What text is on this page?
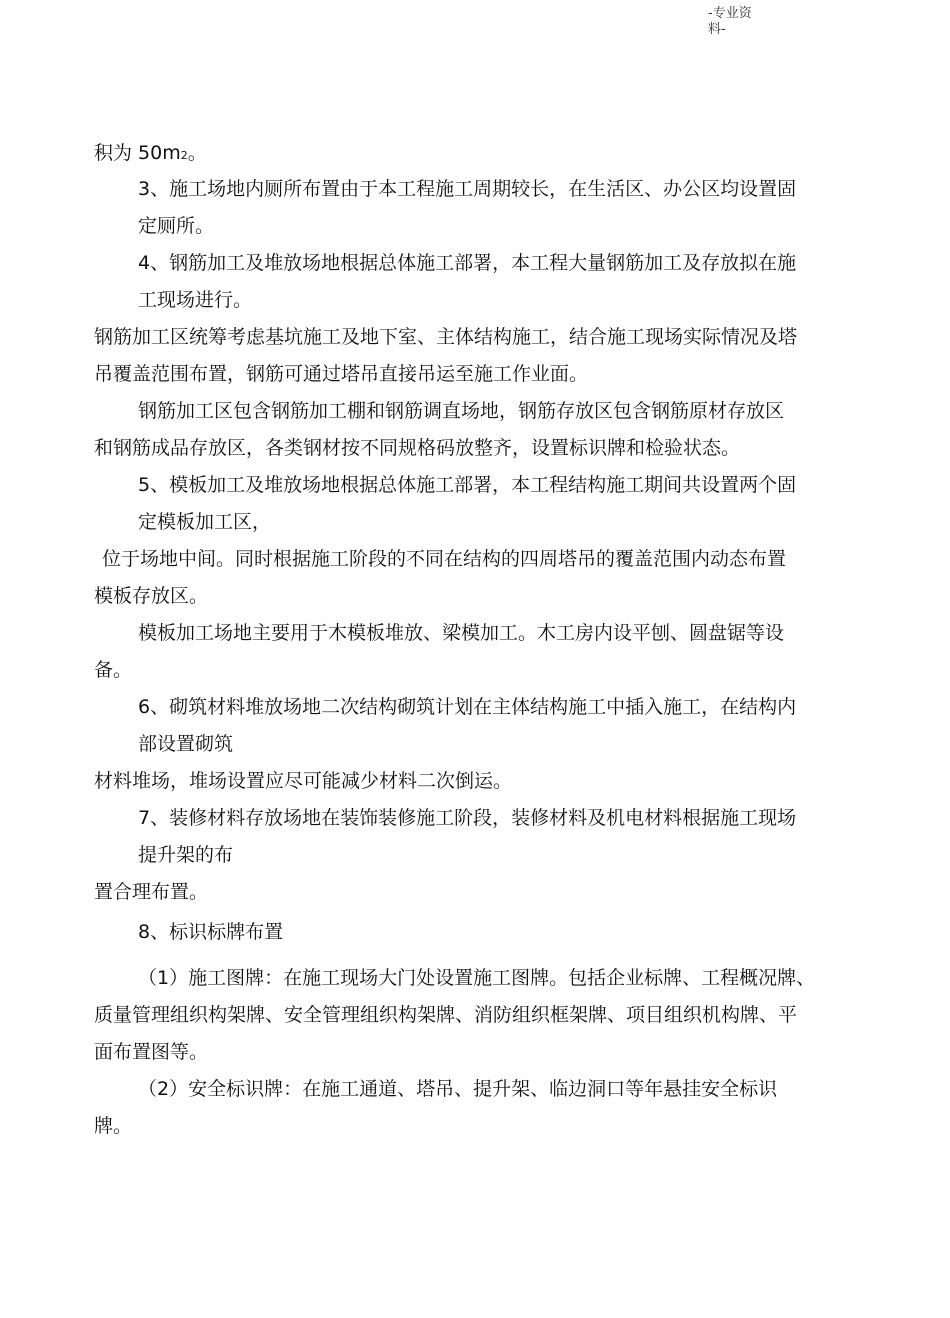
-专业资
料-
积为 50m2。
3、施工场地内厕所布置由于本工程施工周期较长，在生活区、办公区均设置固
定厕所。
4、钢筋加工及堆放场地根据总体施工部署，本工程大量钢筋加工及存放拟在施
工现场进行。
钢筋加工区统筹考虑基坑施工及地下室、主体结构施工，结合施工现场实际情况及塔
吊覆盖范围布置，钢筋可通过塔吊直接吊运至施工作业面。
钢筋加工区包含钢筋加工棚和钢筋调直场地，钢筋存放区包含钢筋原材存放区
和钢筋成品存放区，各类钢材按不同规格码放整齐，设置标识牌和检验状态。
5、模板加工及堆放场地根据总体施工部署，本工程结构施工期间共设置两个固
定模板加工区，
位于场地中间。同时根据施工阶段的不同在结构的四周塔吊的覆盖范围内动态布置
模板存放区。
模板加工场地主要用于木模板堆放、梁模加工。木工房内设平刨、圆盘锯等设
备。
6、砌筑材料堆放场地二次结构砌筑计划在主体结构施工中插入施工，在结构内
部设置砌筑
材料堆场，堆场设置应尽可能减少材料二次倒运。
7、装修材料存放场地在装饰装修施工阶段，装修材料及机电材料根据施工现场
提升架的布
置合理布置。
8、标识标牌布置
（1）施工图牌：在施工现场大门处设置施工图牌。包括企业标牌、工程概况牌、
质量管理组织构架牌、安全管理组织构架牌、消防组织框架牌、项目组织机构牌、平
面布置图等。
（2）安全标识牌：在施工通道、塔吊、提升架、临边洞口等年悬挂安全标识
牌。
